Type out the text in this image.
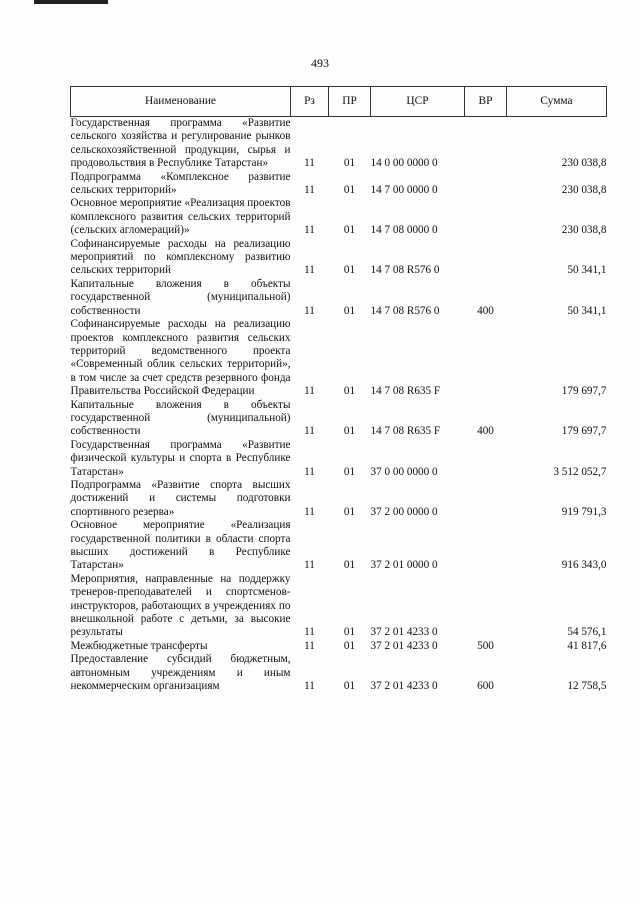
493
Наименование	Рз	ПР	ЦСР	ВР	Сумма
Государственная программа «Развитие сельского хозяйства и регулирование рынков сельскохозяйственной продукции, сырья и продовольствия в Республике Татарстан»	11	01	14 0 00 0000 0		230 038,8
Подпрограмма «Комплексное развитие сельских территорий»	11	01	14 7 00 0000 0		230 038,8
Основное мероприятие «Реализация проектов комплексного развития сельских территорий (сельских агломераций)»	11	01	14 7 08 0000 0		230 038,8
Софинансируемые расходы на реализацию мероприятий по комплексному развитию сельских территорий	11	01	14 7 08 R576 0		50 341,1
Капитальные вложения в объекты государственной (муниципальной) собственности	11	01	14 7 08 R576 0	400	50 341,1
Софинансируемые расходы на реализацию проектов комплексного развития сельских территорий ведомственного проекта «Современный облик сельских территорий», в том числе за счет средств резервного фонда Правительства Российской Федерации	11	01	14 7 08 R635 F		179 697,7
Капитальные вложения в объекты государственной (муниципальной) собственности	11	01	14 7 08 R635 F	400	179 697,7
Государственная программа «Развитие физической культуры и спорта в Республике Татарстан»	11	01	37 0 00 0000 0		3 512 052,7
Подпрограмма «Развитие спорта высших достижений и системы подготовки спортивного резерва»	11	01	37 2 00 0000 0		919 791,3
Основное мероприятие «Реализация государственной политики в области спорта высших достижений в Республике Татарстан»	11	01	37 2 01 0000 0		916 343,0
Мероприятия, направленные на поддержку тренеров-преподавателей и спортсменов-инструкторов, работающих в учреждениях по внешкольной работе с детьми, за высокие результаты	11	01	37 2 01 4233 0		54 576,1
Межбюджетные трансферты	11	01	37 2 01 4233 0	500	41 817,6
Предоставление субсидий бюджетным, автономным учреждениям и иным некоммерческим организациям	11	01	37 2 01 4233 0	600	12 758,5
